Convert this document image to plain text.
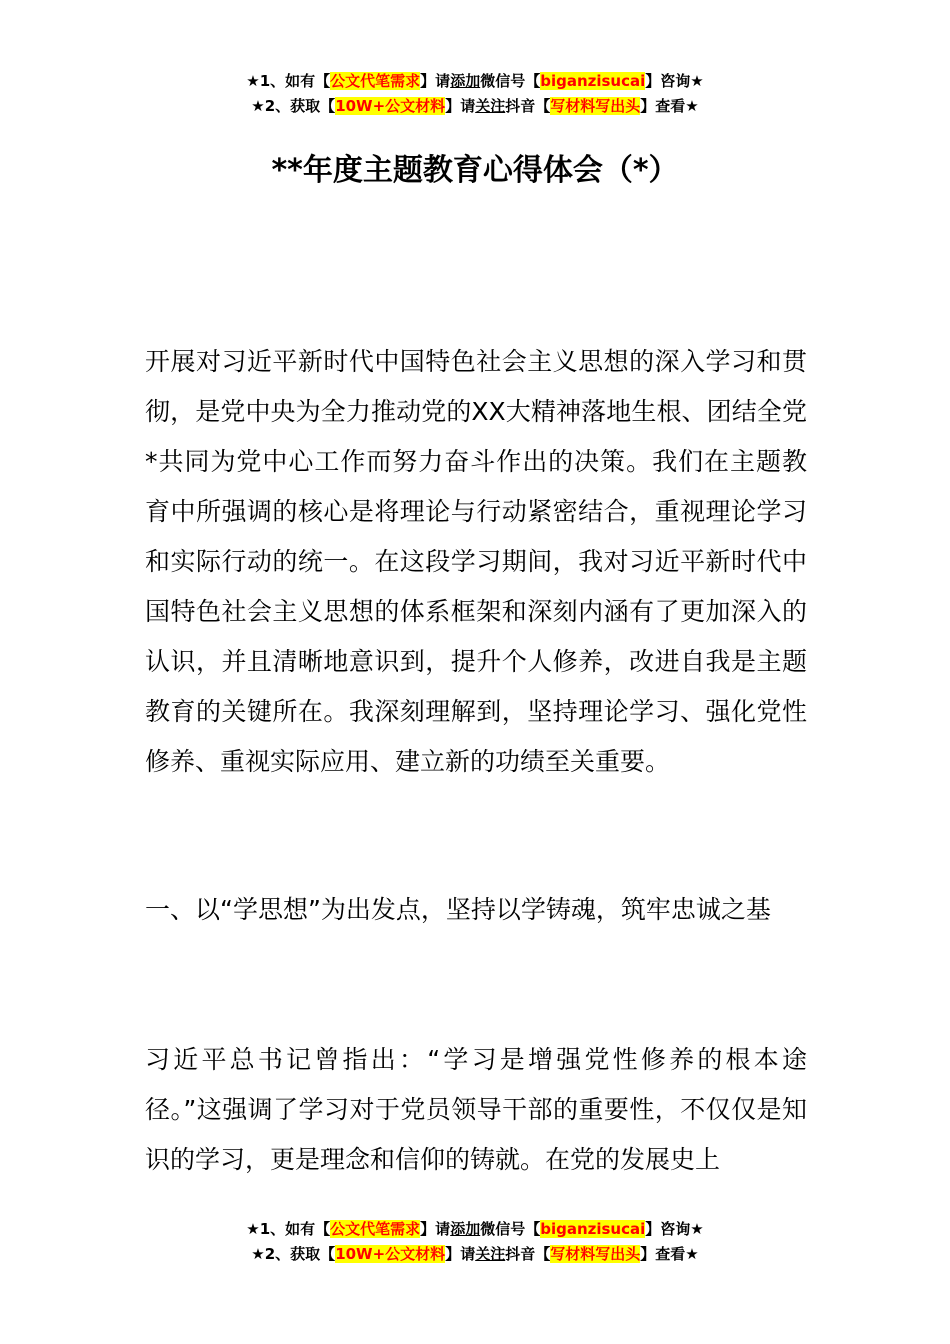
★1、如有【公文代笔需求】请添加微信号【biganzisucai】咨询★
★2、获取【10W+公文材料】请关注抖音【写材料写出头】查看★
**年度主题教育心得体会（*）

开展对习近平新时代中国特色社会主义思想的深入学习和贯彻，是党中央为全力推动党的XX大精神落地生根、团结全党*共同为党中心工作而努力奋斗作出的决策。我们在主题教育中所强调的核心是将理论与行动紧密结合，重视理论学习和实际行动的统一。在这段学习期间，我对习近平新时代中国特色社会主义思想的体系框架和深刻内涵有了更加深入的认识，并且清晰地意识到，提升个人修养，改进自我是主题教育的关键所在。我深刻理解到，坚持理论学习、强化党性修养、重视实际应用、建立新的功绩至关重要。

一、以“学思想”为出发点，坚持以学铸魂，筑牢忠诚之基

习近平总书记曾指出：“学习是增强党性修养的根本途径。”这强调了学习对于党员领导干部的重要性，不仅仅是知识的学习，更是理念和信仰的铸就。在党的发展史上

★1、如有【公文代笔需求】请添加微信号【biganzisucai】咨询★
★2、获取【10W+公文材料】请关注抖音【写材料写出头】查看★
